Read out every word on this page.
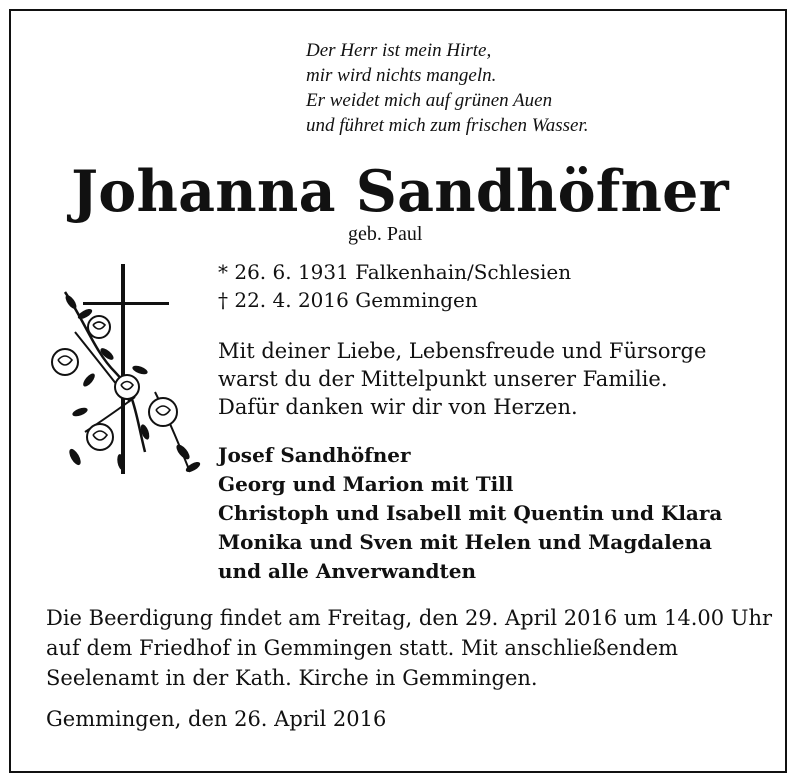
Der Herr ist mein Hirte,
mir wird nichts mangeln.
Er weidet mich auf grünen Auen
und führet mich zum frischen Wasser.
Johanna Sandhöfner
geb. Paul
* 26. 6. 1931 Falkenhain/Schlesien
† 22. 4. 2016 Gemmingen
Mit deiner Liebe, Lebensfreude und Fürsorge
warst du der Mittelpunkt unserer Familie.
Dafür danken wir dir von Herzen.
Josef Sandhöfner
Georg und Marion mit Till
Christoph und Isabell mit Quentin und Klara
Monika und Sven mit Helen und Magdalena
und alle Anverwandten
Die Beerdigung findet am Freitag, den 29. April 2016 um 14.00 Uhr
auf dem Friedhof in Gemmingen statt. Mit anschließendem
Seelenamt in der Kath. Kirche in Gemmingen.
Gemmingen, den 26. April 2016
